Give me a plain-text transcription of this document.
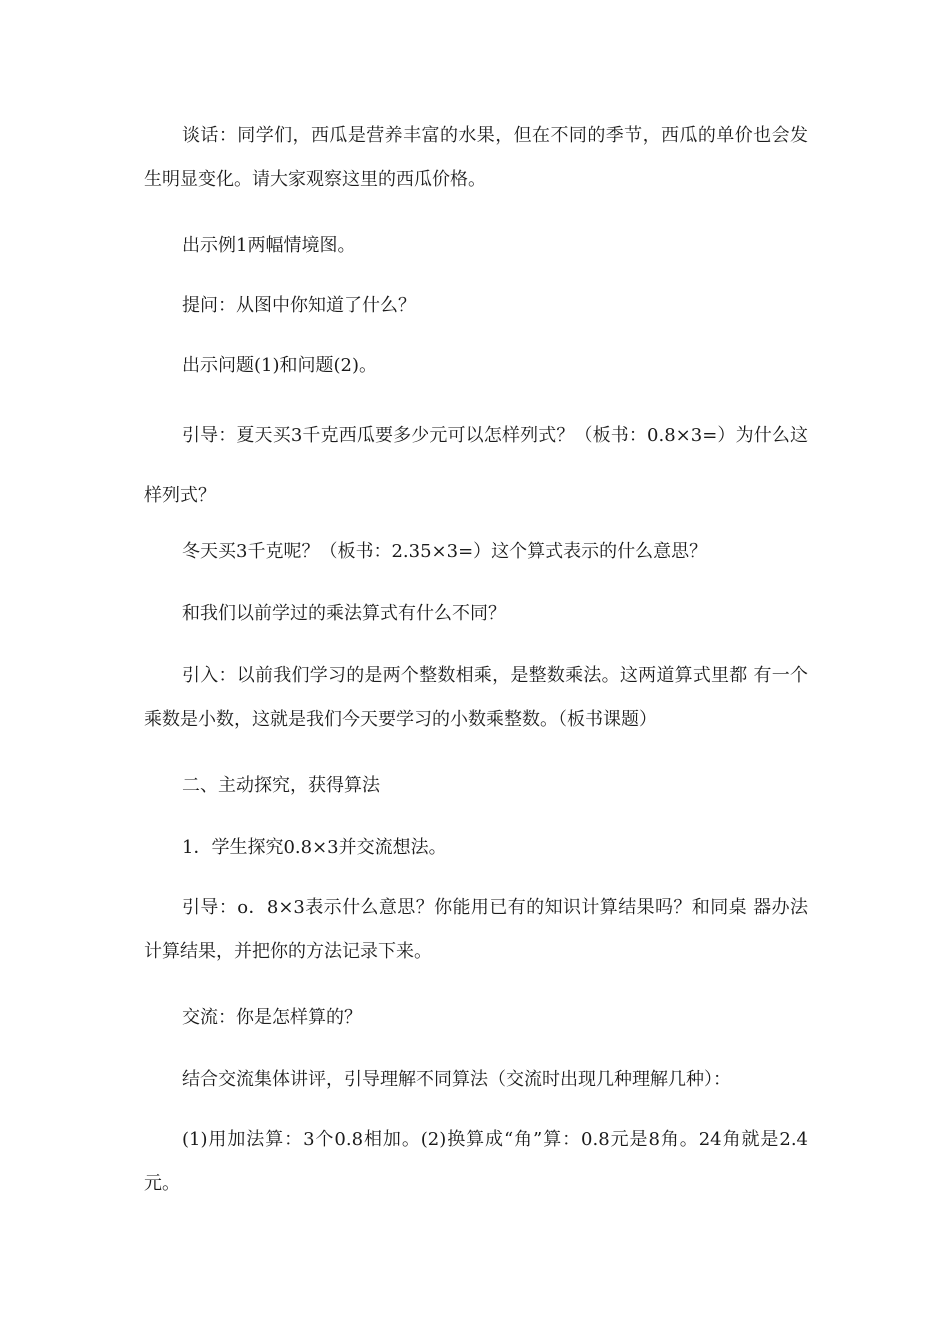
谈话：同学们，西瓜是营养丰富的水果，但在不同的季节，西瓜的单价也会发生明显变化。请大家观察这里的西瓜价格。

出示例1两幅情境图。

提问：从图中你知道了什么？

出示问题(1)和问题(2)。

引导：夏天买3千克西瓜要多少元可以怎样列式？（板书：0.8×3=）为什么这样列式？

冬天买3千克呢？（板书：2.35×3=）这个算式表示的什么意思？

和我们以前学过的乘法算式有什么不同？

引入：以前我们学习的是两个整数相乘，是整数乘法。这两道算式里都 有一个乘数是小数，这就是我们今天要学习的小数乘整数。（板书课题）

二、主动探究，获得算法

1．学生探究0.8×3并交流想法。

引导：o．8×3表示什么意思？你能用已有的知识计算结果吗？和同桌 器办法计算结果，并把你的方法记录下来。

交流：你是怎样算的？

结合交流集体讲评，引导理解不同算法（交流时出现几种理解几种）：

(1)用加法算：3个0.8相加。(2)换算成“角”算：0.8元是8角。24角就是2.4元。
